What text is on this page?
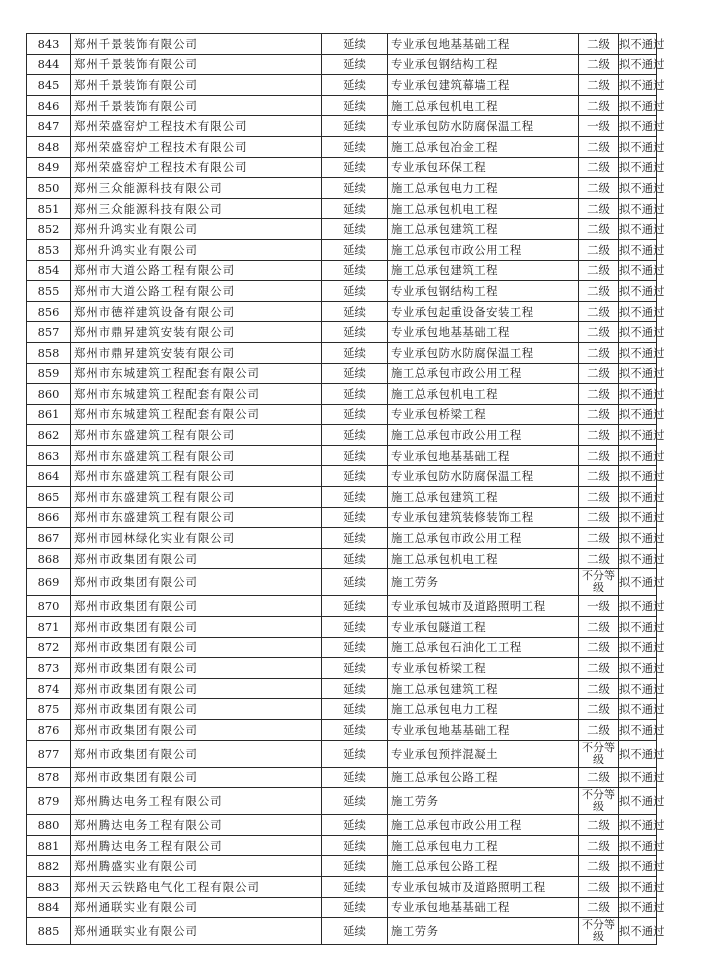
843	郑州千景装饰有限公司	延续	专业承包地基基础工程	二级	拟不通过
844	郑州千景装饰有限公司	延续	专业承包钢结构工程	二级	拟不通过
845	郑州千景装饰有限公司	延续	专业承包建筑幕墙工程	二级	拟不通过
846	郑州千景装饰有限公司	延续	施工总承包机电工程	二级	拟不通过
847	郑州荣盛窑炉工程技术有限公司	延续	专业承包防水防腐保温工程	一级	拟不通过
848	郑州荣盛窑炉工程技术有限公司	延续	施工总承包冶金工程	二级	拟不通过
849	郑州荣盛窑炉工程技术有限公司	延续	专业承包环保工程	二级	拟不通过
850	郑州三众能源科技有限公司	延续	施工总承包电力工程	二级	拟不通过
851	郑州三众能源科技有限公司	延续	施工总承包机电工程	二级	拟不通过
852	郑州升鸿实业有限公司	延续	施工总承包建筑工程	二级	拟不通过
853	郑州升鸿实业有限公司	延续	施工总承包市政公用工程	二级	拟不通过
854	郑州市大道公路工程有限公司	延续	施工总承包建筑工程	二级	拟不通过
855	郑州市大道公路工程有限公司	延续	专业承包钢结构工程	二级	拟不通过
856	郑州市德祥建筑设备有限公司	延续	专业承包起重设备安装工程	二级	拟不通过
857	郑州市鼎昇建筑安装有限公司	延续	专业承包地基基础工程	二级	拟不通过
858	郑州市鼎昇建筑安装有限公司	延续	专业承包防水防腐保温工程	二级	拟不通过
859	郑州市东城建筑工程配套有限公司	延续	施工总承包市政公用工程	二级	拟不通过
860	郑州市东城建筑工程配套有限公司	延续	施工总承包机电工程	二级	拟不通过
861	郑州市东城建筑工程配套有限公司	延续	专业承包桥梁工程	二级	拟不通过
862	郑州市东盛建筑工程有限公司	延续	施工总承包市政公用工程	二级	拟不通过
863	郑州市东盛建筑工程有限公司	延续	专业承包地基基础工程	二级	拟不通过
864	郑州市东盛建筑工程有限公司	延续	专业承包防水防腐保温工程	二级	拟不通过
865	郑州市东盛建筑工程有限公司	延续	施工总承包建筑工程	二级	拟不通过
866	郑州市东盛建筑工程有限公司	延续	专业承包建筑装修装饰工程	二级	拟不通过
867	郑州市园林绿化实业有限公司	延续	施工总承包市政公用工程	二级	拟不通过
868	郑州市政集团有限公司	延续	施工总承包机电工程	二级	拟不通过
869	郑州市政集团有限公司	延续	施工劳务	不分等级	拟不通过
870	郑州市政集团有限公司	延续	专业承包城市及道路照明工程	一级	拟不通过
871	郑州市政集团有限公司	延续	专业承包隧道工程	二级	拟不通过
872	郑州市政集团有限公司	延续	施工总承包石油化工工程	二级	拟不通过
873	郑州市政集团有限公司	延续	专业承包桥梁工程	二级	拟不通过
874	郑州市政集团有限公司	延续	施工总承包建筑工程	二级	拟不通过
875	郑州市政集团有限公司	延续	施工总承包电力工程	二级	拟不通过
876	郑州市政集团有限公司	延续	专业承包地基基础工程	二级	拟不通过
877	郑州市政集团有限公司	延续	专业承包预拌混凝土	不分等级	拟不通过
878	郑州市政集团有限公司	延续	施工总承包公路工程	二级	拟不通过
879	郑州腾达电务工程有限公司	延续	施工劳务	不分等级	拟不通过
880	郑州腾达电务工程有限公司	延续	施工总承包市政公用工程	二级	拟不通过
881	郑州腾达电务工程有限公司	延续	施工总承包电力工程	二级	拟不通过
882	郑州腾盛实业有限公司	延续	施工总承包公路工程	二级	拟不通过
883	郑州天云铁路电气化工程有限公司	延续	专业承包城市及道路照明工程	二级	拟不通过
884	郑州通联实业有限公司	延续	专业承包地基基础工程	二级	拟不通过
885	郑州通联实业有限公司	延续	施工劳务	不分等级	拟不通过
